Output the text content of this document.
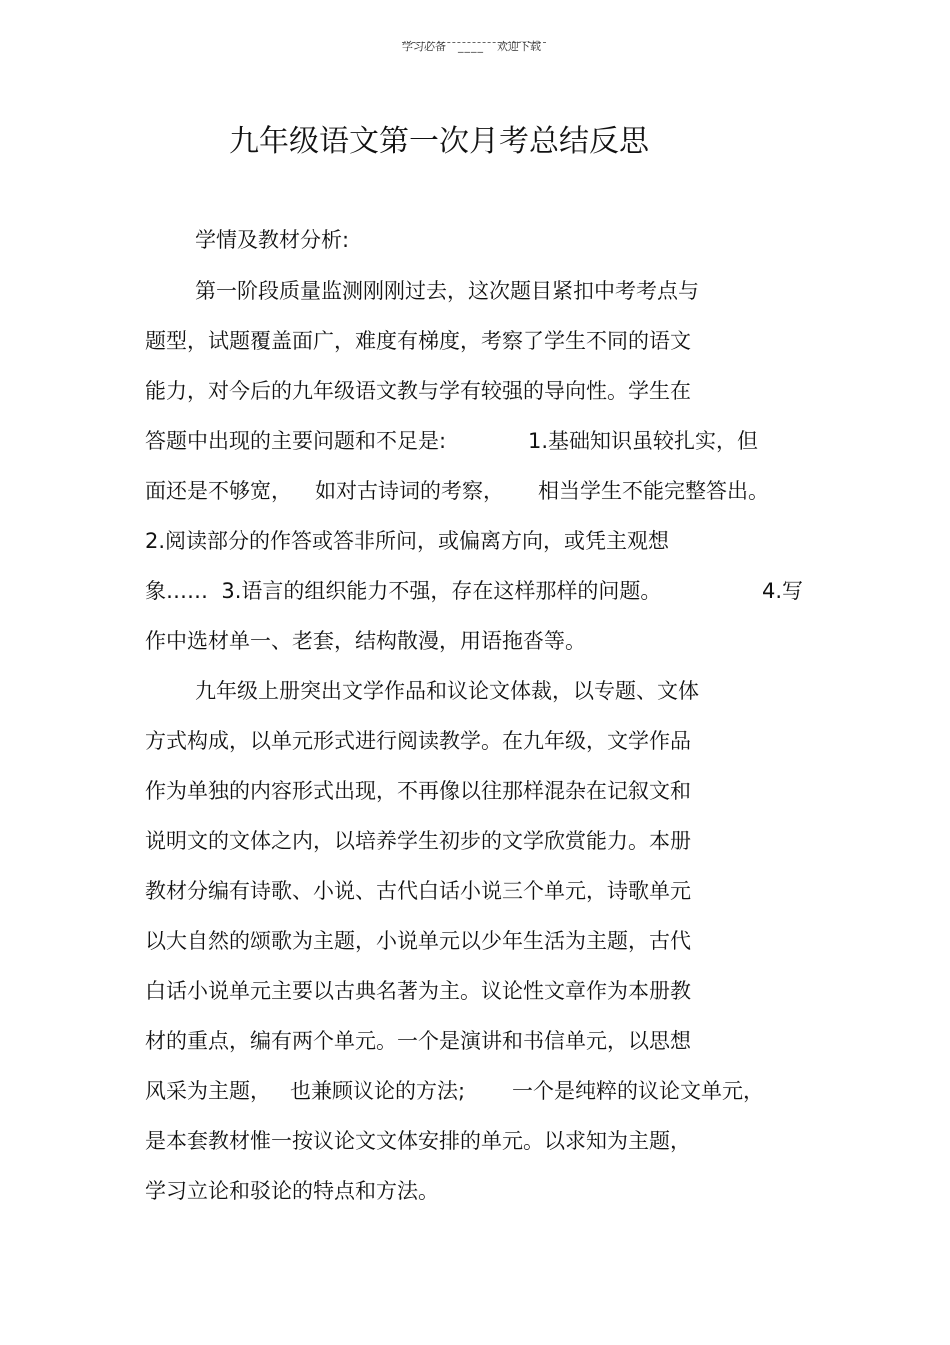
学习必备 ____ 欢迎下载
九年级语文第一次月考总结反思
学情及教材分析:
第一阶段质量监测刚刚过去，这次题目紧扣中考考点与
题型，试题覆盖面广，难度有梯度，考察了学生不同的语文
能力，对今后的九年级语文教与学有较强的导向性。学生在
答题中出现的主要问题和不足是:	1.基础知识虽较扎实，但
面还是不够宽， 如对古诗词的考察， 相当学生不能完整答出。
2.阅读部分的作答或答非所问，或偏离方向，或凭主观想
象……  3.语言的组织能力不强，存在这样那样的问题。	4.写
作中选材单一、老套，结构散漫，用语拖沓等。
九年级上册突出文学作品和议论文体裁，以专题、文体
方式构成，以单元形式进行阅读教学。在九年级，文学作品
作为单独的内容形式出现，不再像以往那样混杂在记叙文和
说明文的文体之内，以培养学生初步的文学欣赏能力。本册
教材分编有诗歌、小说、古代白话小说三个单元，诗歌单元
以大自然的颂歌为主题，小说单元以少年生活为主题，古代
白话小说单元主要以古典名著为主。议论性文章作为本册教
材的重点，编有两个单元。一个是演讲和书信单元，以思想
风采为主题， 也兼顾议论的方法; 一个是纯粹的议论文单元，
是本套教材惟一按议论文文体安排的单元。以求知为主题，
学习立论和驳论的特点和方法。
